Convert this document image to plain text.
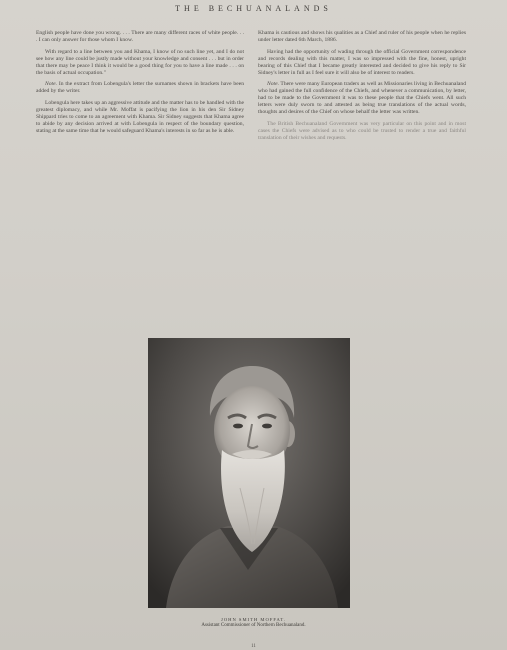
THE BECHUANALANDS

English people have done you wrong. . . . There are many different races of white people. . . . I can only answer for those whom I know.

With regard to a line between you and Khama, I know of no such line yet, and I do not see how any line could be justly made without your knowledge and consent . . . but in order that there may be peace I think it would be a good thing for you to have a line made . . . on the basis of actual occupation."

Note. In the extract from Lobengula's letter the surnames shown in brackets have been added by the writer.

Lobengula here takes up an aggressive attitude and the matter has to be handled with the greatest diplomacy, and while Mr. Moffat is pacifying the lion in his den Sir Sidney Shippard tries to come to an agreement with Khama. Sir Sidney suggests that Khama agree to abide by any decision arrived at with Lobengula in respect of the boundary question, stating at the same time that he would safeguard Khama's interests in so far as he is able.

Khama is cautious and shows his qualities as a Chief and ruler of his people when he replies under letter dated 6th March, 1886.

Having had the opportunity of wading through the official Government correspondence and records dealing with this matter, I was so impressed with the fine, honest, upright bearing of this Chief that I became greatly interested and decided to give his reply to Sir Sidney's letter in full as I feel sure it will also be of interest to readers.

Note. There were many European traders as well as Missionaries living in Bechuanaland who had gained the full confidence of the Chiefs, and whenever a communication, by letter, had to be made to the Government it was to these people that the Chiefs went. All such letters were duly sworn to and attested as being true translations of the actual words, thoughts and desires of the Chief on whose behalf the letter was written.

The British Bechuanaland Government was very particular on this point and in most cases the Chiefs were advised as to who could be trusted to render a true and faithful translation of their wishes and requests.

JOHN SMITH MOFFAT.
Assistant Commissioner of Northern Bechuanaland.
11
